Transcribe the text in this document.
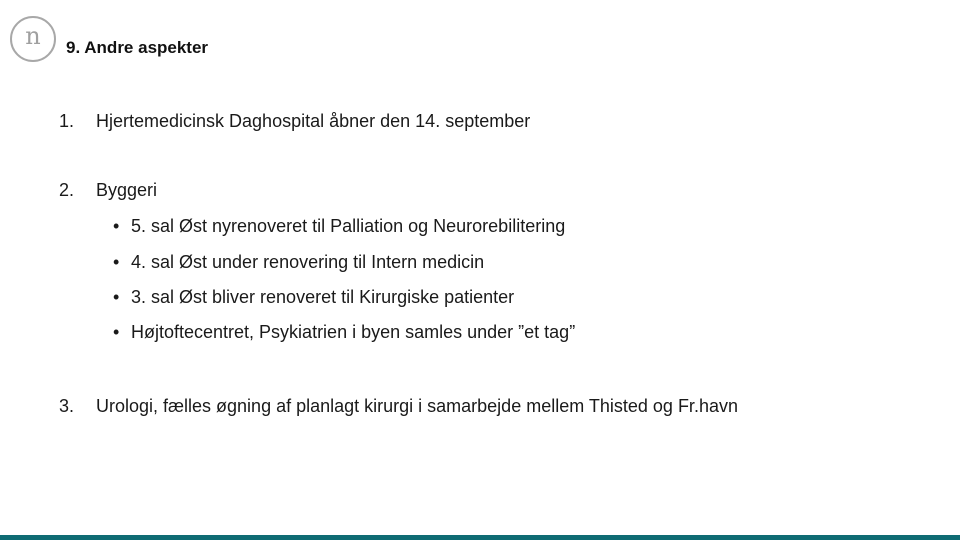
n	9. Andre aspekter
1. Hjertemedicinsk Daghospital åbner den 14. september
2. Byggeri
• 5. sal Øst nyrenoveret til Palliation og Neurorebilitering
• 4. sal Øst under renovering til Intern medicin
• 3. sal Øst bliver renoveret til Kirurgiske patienter
• Højtoftecentret, Psykiatrien i byen samles under ”et tag”
3. Urologi, fælles øgning af planlagt kirurgi i samarbejde mellem Thisted og Fr.havn
